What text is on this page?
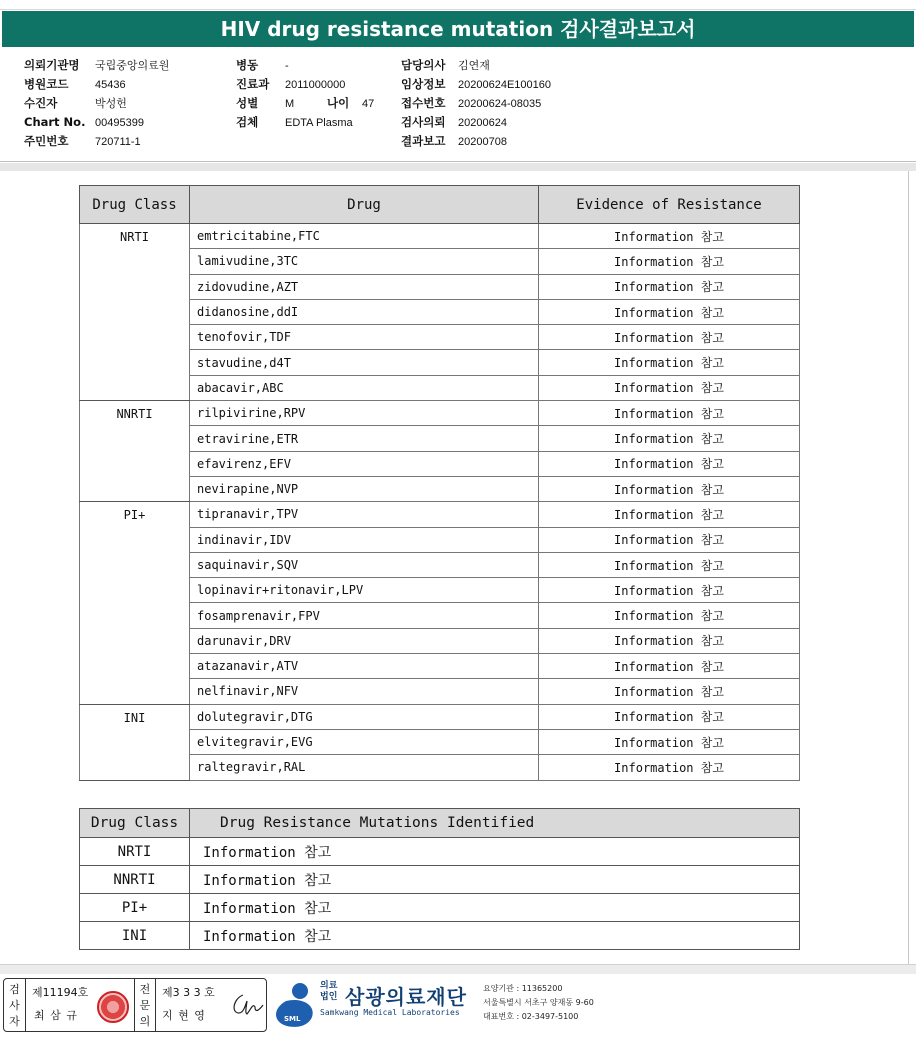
HIV drug resistance mutation 검사결과보고서
의뢰기관명 국립중앙의료원
병원코드 45436
수진자	박성헌
Chart No. 00495399
주민번호 720711-1
병동 -
진료과 2011000000
성별 M	나이 47
검체 EDTA Plasma
담당의사 김연재
임상정보 20200624E100160
접수번호 20200624-08035
검사의뢰 20200624
결과보고 20200708
Drug Class	Drug	Evidence of Resistance
NRTI	emtricitabine,FTC	Information 참고
	lamivudine,3TC	Information 참고
	zidovudine,AZT	Information 참고
	didanosine,ddI	Information 참고
	tenofovir,TDF	Information 참고
	stavudine,d4T	Information 참고
	abacavir,ABC	Information 참고
NNRTI	rilpivirine,RPV	Information 참고
	etravirine,ETR	Information 참고
	efavirenz,EFV	Information 참고
	nevirapine,NVP	Information 참고
PI+	tipranavir,TPV	Information 참고
	indinavir,IDV	Information 참고
	saquinavir,SQV	Information 참고
	lopinavir+ritonavir,LPV	Information 참고
	fosamprenavir,FPV	Information 참고
	darunavir,DRV	Information 참고
	atazanavir,ATV	Information 참고
	nelfinavir,NFV	Information 참고
INI	dolutegravir,DTG	Information 참고
	elvitegravir,EVG	Information 참고
	raltegravir,RAL	Information 참고
Drug Class	Drug Resistance Mutations Identified
NRTI	Information 참고
NNRTI	Information 참고
PI+	Information 참고
INI	Information 참고
검사자
제11194호
최 삼 규
전문의
제3 3 3 호
지 현 영	SML
의료법인 삼광의료재단
Samkwang Medical Laboratories
요양기관 : 11365200
서울특별시 서초구 양재동 9-60
대표번호 : 02-3497-5100
